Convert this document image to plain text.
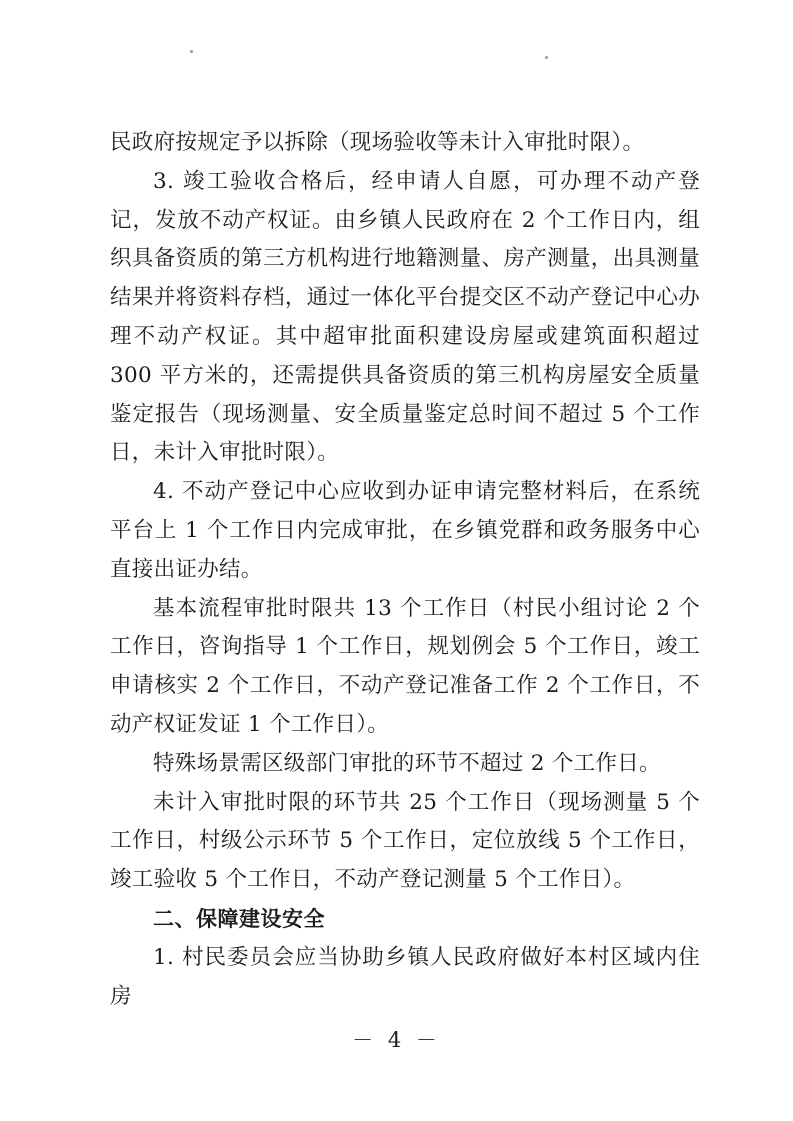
民政府按规定予以拆除（现场验收等未计入审批时限）。

3. 竣工验收合格后，经申请人自愿，可办理不动产登记，发放不动产权证。由乡镇人民政府在 2 个工作日内，组织具备资质的第三方机构进行地籍测量、房产测量，出具测量结果并将资料存档，通过一体化平台提交区不动产登记中心办理不动产权证。其中超审批面积建设房屋或建筑面积超过 300 平方米的，还需提供具备资质的第三机构房屋安全质量鉴定报告（现场测量、安全质量鉴定总时间不超过 5 个工作日，未计入审批时限）。

4. 不动产登记中心应收到办证申请完整材料后，在系统平台上 1 个工作日内完成审批，在乡镇党群和政务服务中心直接出证办结。

基本流程审批时限共 13 个工作日（村民小组讨论 2 个工作日，咨询指导 1 个工作日，规划例会 5 个工作日，竣工申请核实 2 个工作日，不动产登记准备工作 2 个工作日，不动产权证发证 1 个工作日）。

特殊场景需区级部门审批的环节不超过 2 个工作日。

未计入审批时限的环节共 25 个工作日（现场测量 5 个工作日，村级公示环节 5 个工作日，定位放线 5 个工作日，竣工验收 5 个工作日，不动产登记测量 5 个工作日）。

二、保障建设安全

1. 村民委员会应当协助乡镇人民政府做好本村区域内住房

－ 4 －
